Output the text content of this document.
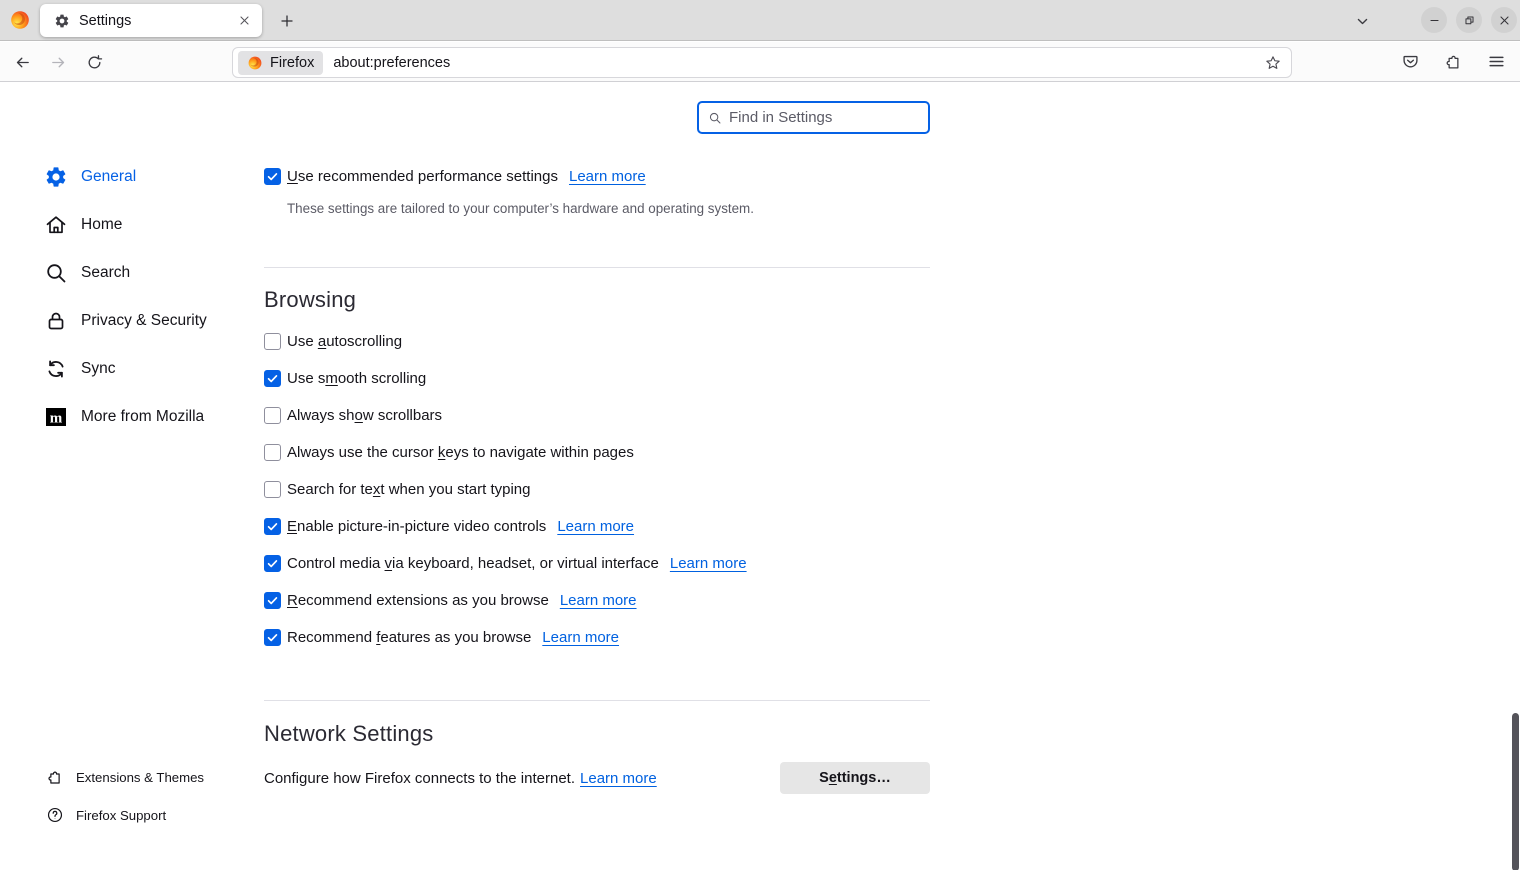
Settings
Firefox about:preferences
Find in Settings
General
Home
Search
Privacy & Security
Sync
More from Mozilla
Extensions & Themes
Firefox Support
Use recommended performance settings Learn more
These settings are tailored to your computer’s hardware and operating system.
Browsing
Use autoscrolling
Use smooth scrolling
Always show scrollbars
Always use the cursor keys to navigate within pages
Search for text when you start typing
Enable picture-in-picture video controls Learn more
Control media via keyboard, headset, or virtual interface Learn more
Recommend extensions as you browse Learn more
Recommend features as you browse Learn more
Network Settings
Configure how Firefox connects to the internet. Learn more	S e ttings…
